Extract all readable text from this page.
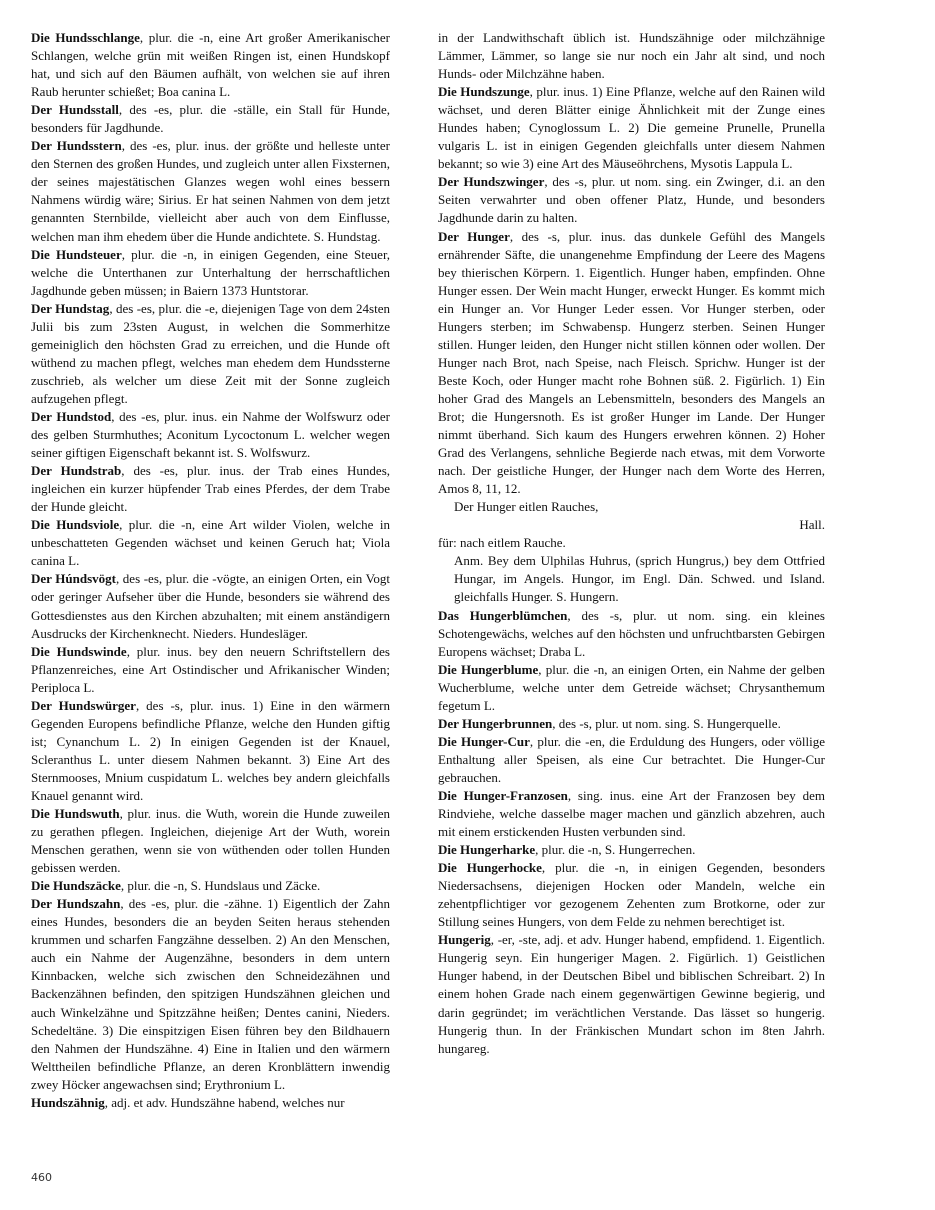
Die Hundsschlange, plur. die -n, eine Art großer Amerikanischer Schlangen, welche grün mit weißen Ringen ist, einen Hundskopf hat, und sich auf den Bäumen aufhält, von welchen sie auf ihren Raub herunter schießet; Boa canina L.

Der Hundsstall, des -es, plur. die -ställe, ein Stall für Hunde, besonders für Jagdhunde.

Der Hundsstern, des -es, plur. inus. der größte und helleste unter den Sternen des großen Hundes, und zugleich unter allen Fixsternen, der seines majestätischen Glanzes wegen wohl eines bessern Nahmens würdig wäre; Sirius. Er hat seinen Nahmen von dem jetzt genannten Sternbilde, vielleicht aber auch von dem Einflusse, welchen man ihm ehedem über die Hunde andichtete. S. Hundstag.

Die Hundsteuer, plur. die -n, in einigen Gegenden, eine Steuer, welche die Unterthanen zur Unterhaltung der herrschaftlichen Jagdhunde geben müssen; in Baiern 1373 Huntstorar.

Der Hundstag, des -es, plur. die -e, diejenigen Tage von dem 24sten Julii bis zum 23sten August, in welchen die Sommerhitze gemeiniglich den höchsten Grad zu erreichen, und die Hunde oft wüthend zu machen pflegt, welches man ehedem dem Hundssterne zuschrieb, als welcher um diese Zeit mit der Sonne zugleich aufzugehen pflegt.

Der Hundstod, des -es, plur. inus. ein Nahme der Wolfswurz oder des gelben Sturmhuthes; Aconitum Lycoctonum L. welcher wegen seiner giftigen Eigenschaft bekannt ist. S. Wolfswurz.

Der Hundstrab, des -es, plur. inus. der Trab eines Hundes, ingleichen ein kurzer hüpfender Trab eines Pferdes, der dem Trabe der Hunde gleicht.

Die Hundsviole, plur. die -n, eine Art wilder Violen, welche in unbeschatteten Gegenden wächset und keinen Geruch hat; Viola canina L.

Der Húndsvögt, des -es, plur. die -vögte, an einigen Orten, ein Vogt oder geringer Aufseher über die Hunde, besonders sie während des Gottesdienstes aus den Kirchen abzuhalten; mit einem anständigern Ausdrucks der Kirchenknecht. Nieders. Hundesläger.

Die Hundswinde, plur. inus. bey den neuern Schriftstellern des Pflanzenreiches, eine Art Ostindischer und Afrikanischer Winden; Periploca L.

Der Hundswürger, des -s, plur. inus. 1) Eine in den wärmern Gegenden Europens befindliche Pflanze, welche den Hunden giftig ist; Cynanchum L. 2) In einigen Gegenden ist der Knauel, Scleranthus L. unter diesem Nahmen bekannt. 3) Eine Art des Sternmooses, Mnium cuspidatum L. welches bey andern gleichfalls Knauel genannt wird.

Die Hundswuth, plur. inus. die Wuth, worein die Hunde zuweilen zu gerathen pflegen. Ingleichen, diejenige Art der Wuth, worein Menschen gerathen, wenn sie von wüthenden oder tollen Hunden gebissen werden.

Die Hundszäcke, plur. die -n, S. Hundslaus und Zäcke.

Der Hundszahn, des -es, plur. die -zähne. 1) Eigentlich der Zahn eines Hundes, besonders die an beyden Seiten heraus stehenden krummen und scharfen Fangzähne desselben. 2) An den Menschen, auch ein Nahme der Augenzähne, besonders in dem untern Kinnbacken, welche sich zwischen den Schneidezähnen und Backenzähnen befinden, den spitzigen Hundszähnen gleichen und auch Winkelzähne und Spitzzähne heißen; Dentes canini, Nieders. Schedeltäne. 3) Die einspitzigen Eisen führen bey den Bildhauern den Nahmen der Hundszähne. 4) Eine in Italien und den wärmern Welttheilen befindliche Pflanze, an deren Kronblättern inwendig zwey Höcker angewachsen sind; Erythronium L.

Hundszähnig, adj. et adv. Hundszähne habend, welches nur

in der Landwithschaft üblich ist. Hundszähnige oder milchzähnige Lämmer, Lämmer, so lange sie nur noch ein Jahr alt sind, und noch Hunds- oder Milchzähne haben.

Die Hundszunge, plur. inus. 1) Eine Pflanze, welche auf den Rainen wild wächset, und deren Blätter einige Ähnlichkeit mit der Zunge eines Hundes haben; Cynoglossum L. 2) Die gemeine Prunelle, Prunella vulgaris L. ist in einigen Gegenden gleichfalls unter diesem Nahmen bekannt; so wie 3) eine Art des Mäuseöhrchens, Mysotis Lappula L.

Der Hundszwinger, des -s, plur. ut nom. sing. ein Zwinger, d.i. an den Seiten verwahrter und oben offener Platz, Hunde, und besonders Jagdhunde darin zu halten.

Der Hunger, des -s, plur. inus. das dunkele Gefühl des Mangels ernährender Säfte, die unangenehme Empfindung der Leere des Magens bey thierischen Körpern. 1. Eigentlich. Hunger haben, empfinden. Ohne Hunger essen. Der Wein macht Hunger, erweckt Hunger. Es kommt mich ein Hunger an. Vor Hunger Leder essen. Vor Hunger sterben, oder Hungers sterben; im Schwabensp. Hungerz sterben. Seinen Hunger stillen. Hunger leiden, den Hunger nicht stillen können oder wollen. Der Hunger nach Brot, nach Speise, nach Fleisch. Sprichw. Hunger ist der Beste Koch, oder Hunger macht rohe Bohnen süß. 2. Figürlich. 1) Ein hoher Grad des Mangels an Lebensmitteln, besonders des Mangels an Brot; die Hungersnoth. Es ist großer Hunger im Lande. Der Hunger nimmt überhand. Sich kaum des Hungers erwehren können. 2) Hoher Grad des Verlangens, sehnliche Begierde nach etwas, mit dem Vorworte nach. Der geistliche Hunger, der Hunger nach dem Worte des Herren, Amos 8, 11, 12.

Der Hunger eitlen Rauches,

Hall.

für: nach eitlem Rauche.

Anm. Bey dem Ulphilas Huhrus, (sprich Hungrus,) bey dem Ottfried Hungar, im Angels. Hungor, im Engl. Dän. Schwed. und Island. gleichfalls Hunger. S. Hungern.

Das Hungerblümchen, des -s, plur. ut nom. sing. ein kleines Schotengewächs, welches auf den höchsten und unfruchtbarsten Gebirgen Europens wächset; Draba L.

Die Hungerblume, plur. die -n, an einigen Orten, ein Nahme der gelben Wucherblume, welche unter dem Getreide wächset; Chrysanthemum fegetum L.

Der Hungerbrunnen, des -s, plur. ut nom. sing. S. Hungerquelle.

Die Hunger-Cur, plur. die -en, die Erduldung des Hungers, oder völlige Enthaltung aller Speisen, als eine Cur betrachtet. Die Hunger-Cur gebrauchen.

Die Hunger-Franzosen, sing. inus. eine Art der Franzosen bey dem Rindviehe, welche dasselbe mager machen und gänzlich abzehren, auch mit einem erstickenden Husten verbunden sind.

Die Hungerharke, plur. die -n, S. Hungerrechen.

Die Hungerhocke, plur. die -n, in einigen Gegenden, besonders Niedersachsens, diejenigen Hocken oder Mandeln, welche ein zehentpflichtiger vor gezogenem Zehenten zum Brotkorne, oder zur Stillung seines Hungers, von dem Felde zu nehmen berechtiget ist.

Hungerig, -er, -ste, adj. et adv. Hunger habend, empfidend. 1. Eigentlich. Hungerig seyn. Ein hungeriger Magen. 2. Figürlich. 1) Geistlichen Hunger habend, in der Deutschen Bibel und biblischen Schreibart. 2) In einem hohen Grade nach einem gegenwärtigen Gewinne begierig, und darin gegründet; im verächtlichen Verstande. Das lässet so hungerig. Hungerig thun. In der Fränkischen Mundart schon im 8ten Jahrh. hungareg.

460
